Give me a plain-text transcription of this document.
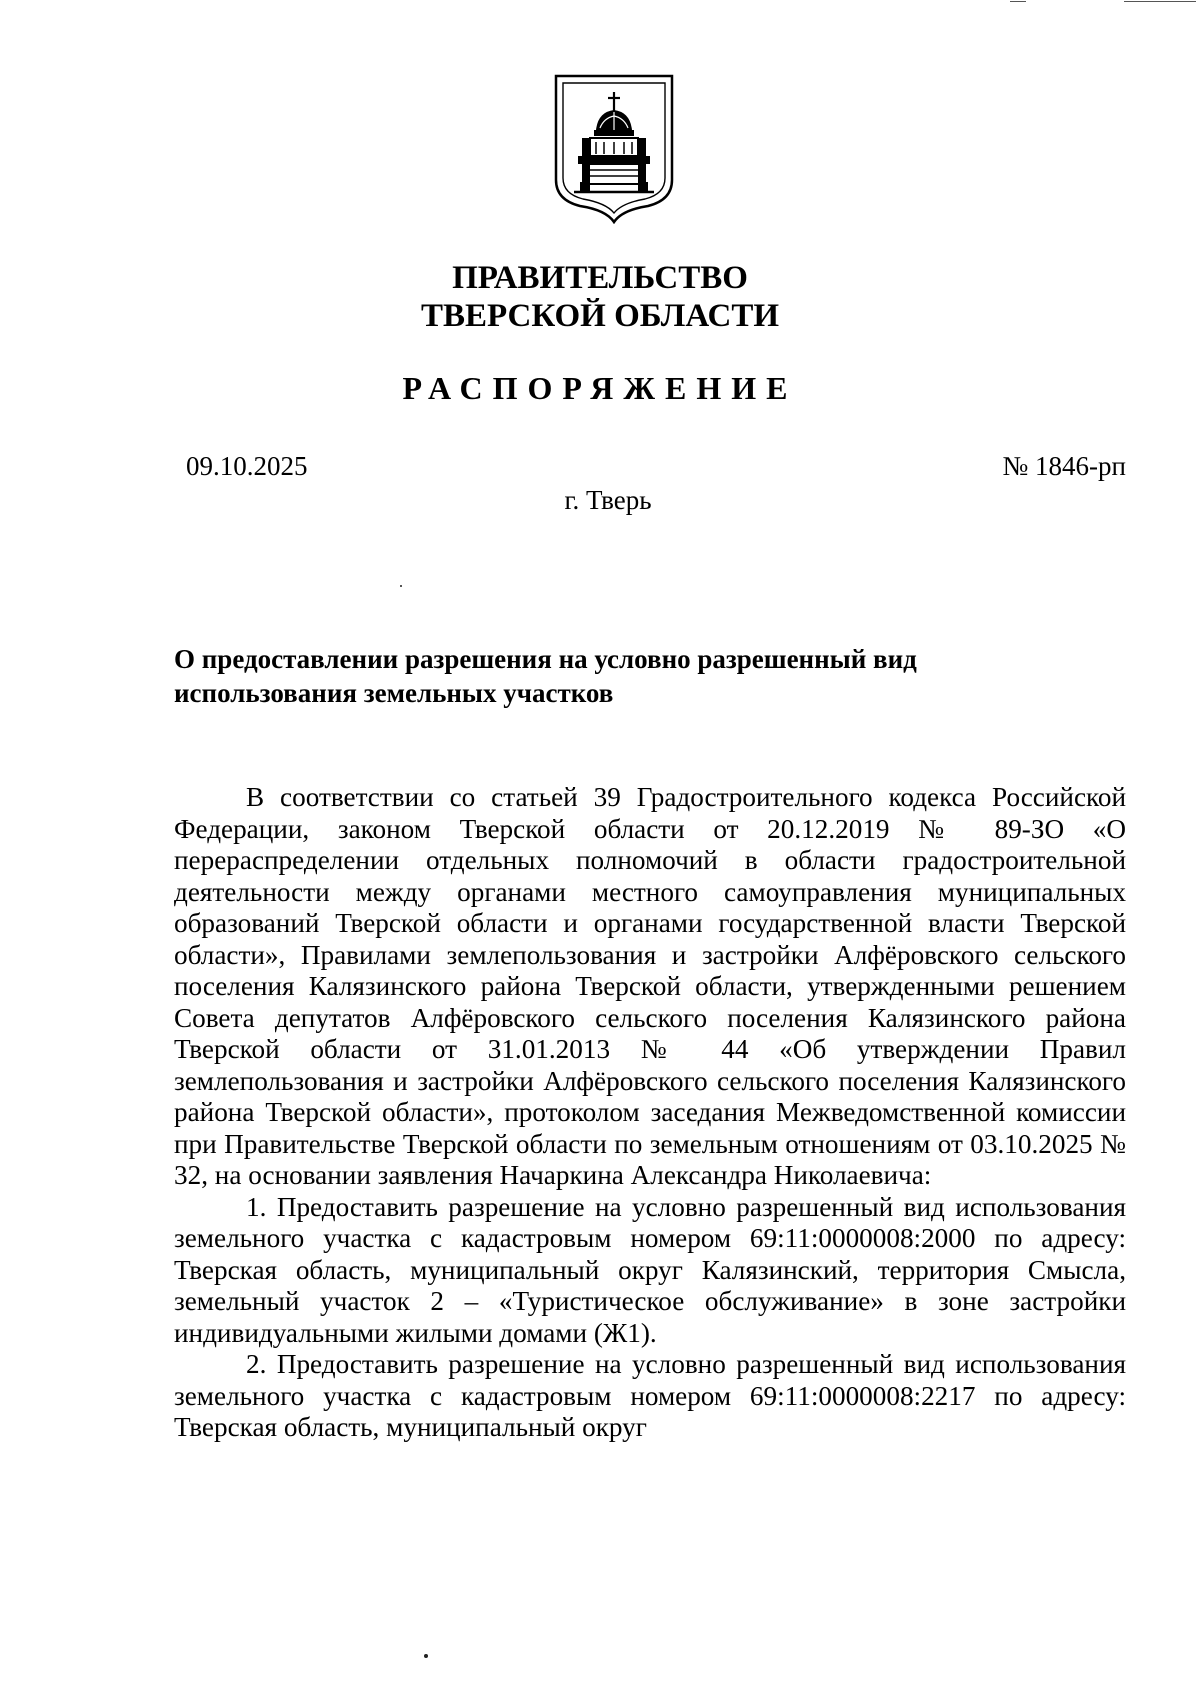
ПРАВИТЕЛЬСТВО
ТВЕРСКОЙ ОБЛАСТИ
РАСПОРЯЖЕНИЕ
09.10.2025	№ 1846-рп
г. Тверь
О предоставлении разрешения на условно разрешенный вид
использования земельных участков

В соответствии со статьей 39 Градостроительного кодекса Российской Федерации, законом Тверской области от 20.12.2019 № 89-ЗО «О перераспределении отдельных полномочий в области градостроительной деятельности между органами местного самоуправления муниципальных образований Тверской области и органами государственной власти Тверской области», Правилами землепользования и застройки Алфёровского сельского поселения Калязинского района Тверской области, утвержденными решением Совета депутатов Алфёровского сельского поселения Калязинского района Тверской области от 31.01.2013 № 44 «Об утверждении Правил землепользования и застройки Алфёровского сельского поселения Калязинского района Тверской области», протоколом заседания Межведомственной комиссии при Правительстве Тверской области по земельным отношениям от 03.10.2025 № 32, на основании заявления Начаркина Александра Николаевича:

1. Предоставить разрешение на условно разрешенный вид использования земельного участка с кадастровым номером 69:11:0000008:2000 по адресу: Тверская область, муниципальный округ Калязинский, территория Смысла, земельный участок 2 – «Туристическое обслуживание» в зоне застройки индивидуальными жилыми домами (Ж1).

2. Предоставить разрешение на условно разрешенный вид использования земельного участка с кадастровым номером 69:11:0000008:2217 по адресу: Тверская область, муниципальный округ
